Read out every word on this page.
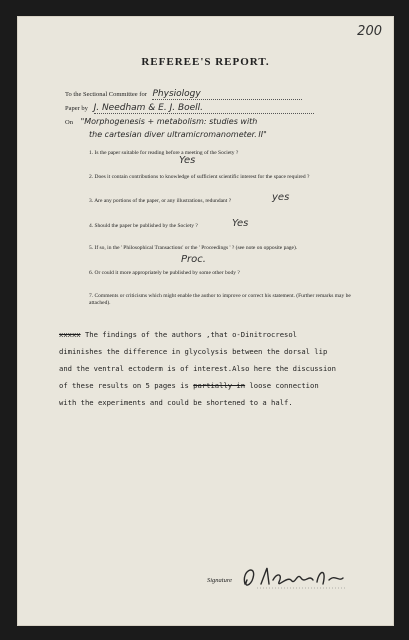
200
REFEREE'S REPORT.
To the Sectional Committee for Physiology
Paper by J. Needham & E. J. Boell.
On "Morphogenesis + metabolism: studies with
the cartesian diver ultramicromanometer. II"
1. Is the paper suitable for reading before a meeting of the Society ?
Yes
2. Does it contain contributions to knowledge of sufficient scientific interest for the space required ?
3. Are any portions of the paper, or any illustrations, redundant ?	yes
4. Should the paper be published by the Society ?	Yes
5. If so, in the ' Philosophical Transactions' or the ' Proceedings ' ? (see note on opposite page).
Proc.
6. Or could it more appropriately be published by some other body ?
7. Comments or criticisms which might enable the author to improve or correct his statement. (Further remarks may be attached).
xxxxx The findings of the authors ,that o-Dinitrocresol
diminishes the difference in glycolysis between the dorsal lip
and the ventral ectoderm is of interest.Also here the discussion
of these results on 5 pages is partially in loose connection
with the experiments and could be shortened to a half.
Signature
